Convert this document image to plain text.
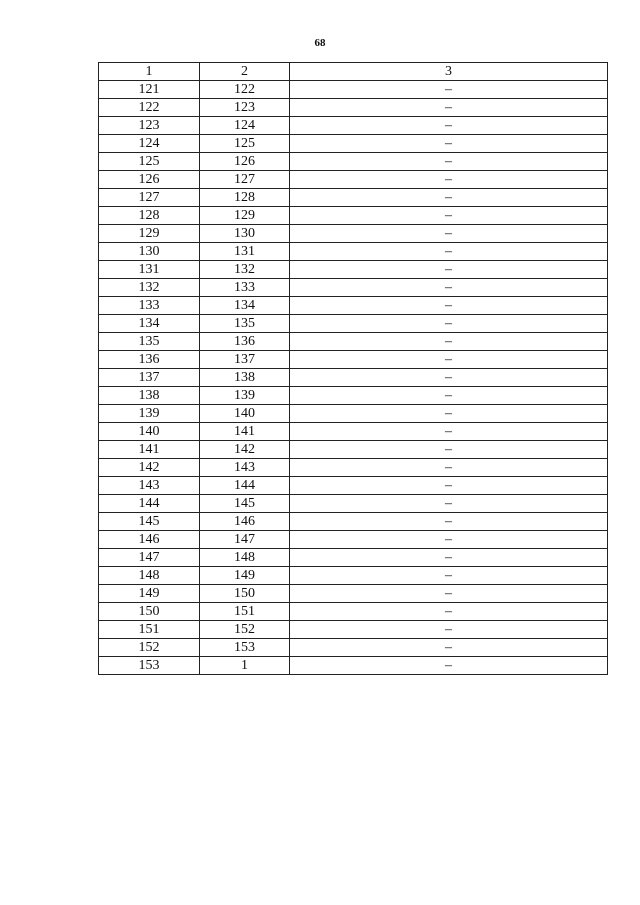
68
1	2	3
121	122	–
122	123	–
123	124	–
124	125	–
125	126	–
126	127	–
127	128	–
128	129	–
129	130	–
130	131	–
131	132	–
132	133	–
133	134	–
134	135	–
135	136	–
136	137	–
137	138	–
138	139	–
139	140	–
140	141	–
141	142	–
142	143	–
143	144	–
144	145	–
145	146	–
146	147	–
147	148	–
148	149	–
149	150	–
150	151	–
151	152	–
152	153	–
153	1	–
